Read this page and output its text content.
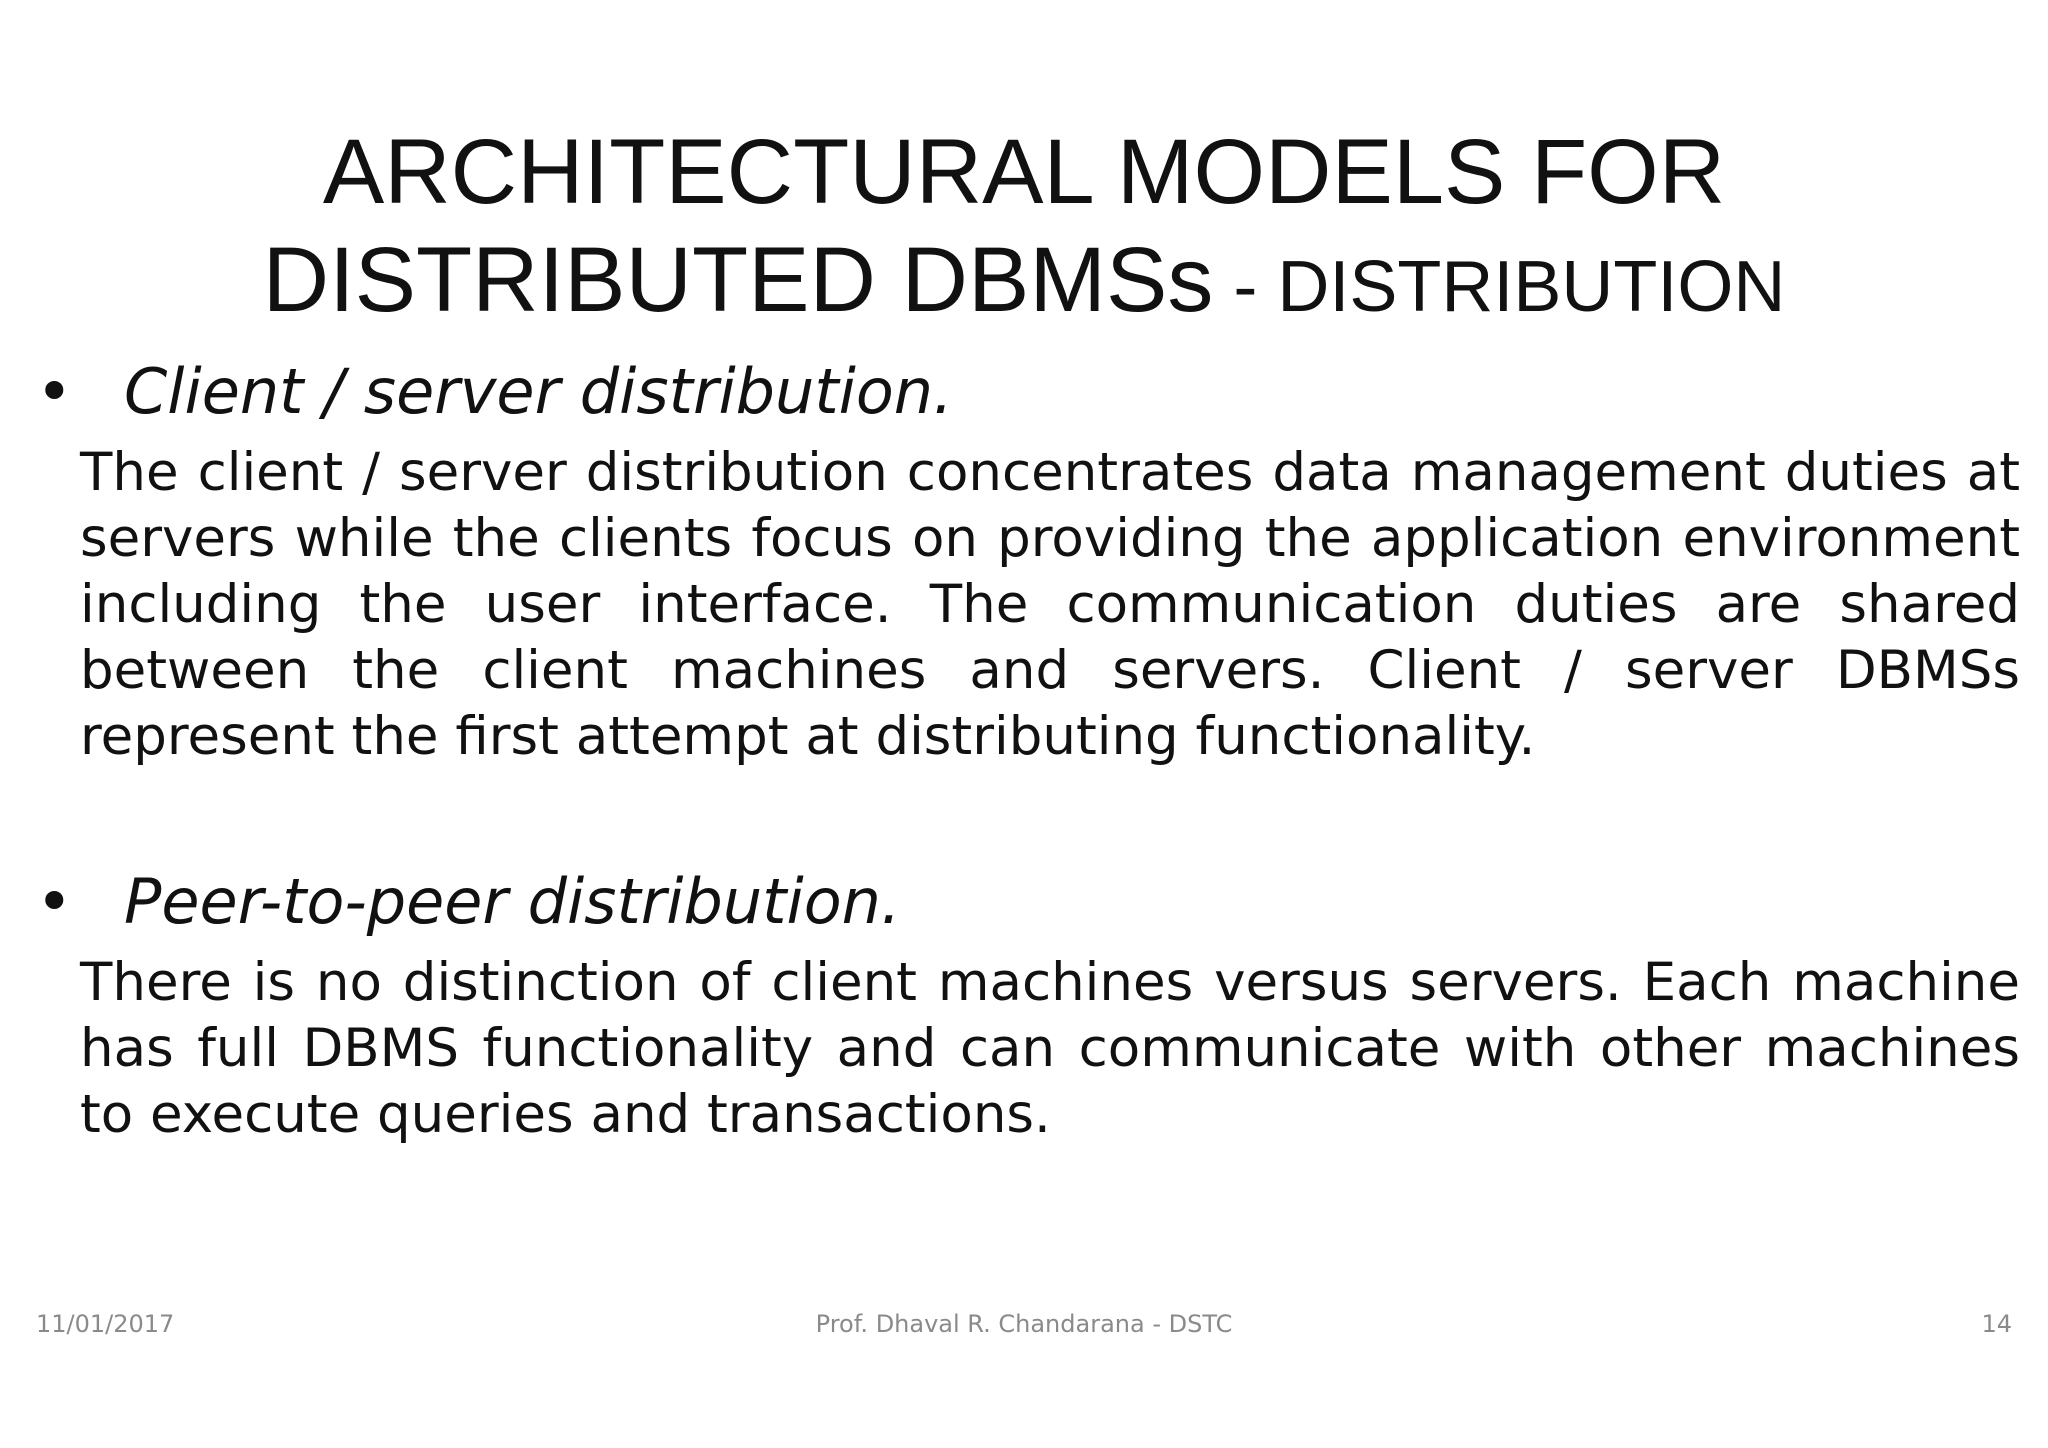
ARCHITECTURAL MODELS FOR
DISTRIBUTED DBMSs - DISTRIBUTION
• Client / server distribution.
The client / server distribution concentrates data management duties at servers while the clients focus on providing the application environment including the user interface. The communication duties are shared between the client machines and servers. Client / server DBMSs represent the first attempt at distributing functionality.
• Peer-to-peer distribution.
There is no distinction of client machines versus servers. Each machine has full DBMS functionality and can communicate with other machines to execute queries and transactions.
11/01/2017	Prof. Dhaval R. Chandarana - DSTC	14
